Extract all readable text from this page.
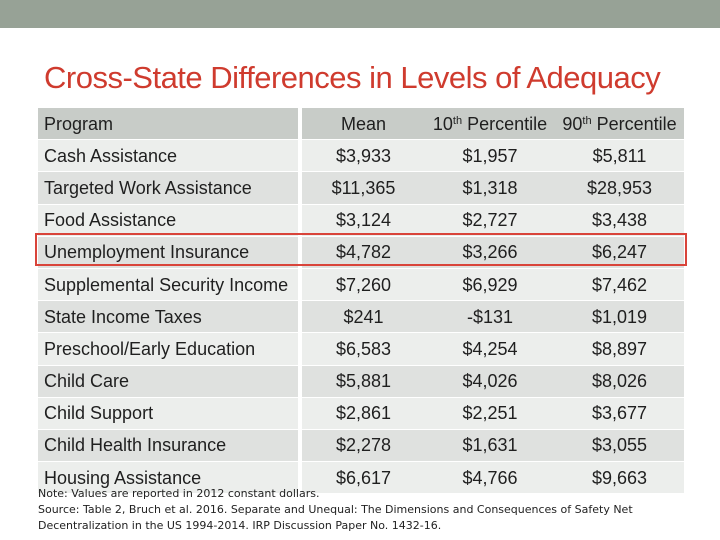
Cross-State Differences in Levels of Adequacy
Program		Mean	10th Percentile	90th Percentile
Cash Assistance		$3,933	$1,957	$5,811
Targeted Work Assistance		$11,365	$1,318	$28,953
Food Assistance		$3,124	$2,727	$3,438
Unemployment Insurance		$4,782	$3,266	$6,247
Supplemental Security Income		$7,260	$6,929	$7,462
State Income Taxes		$241	-$131	$1,019
Preschool/Early Education		$6,583	$4,254	$8,897
Child Care		$5,881	$4,026	$8,026
Child Support		$2,861	$2,251	$3,677
Child Health Insurance		$2,278	$1,631	$3,055
Housing Assistance		$6,617	$4,766	$9,663
Note: Values are reported in 2012 constant dollars.
Source: Table 2, Bruch et al. 2016. Separate and Unequal: The Dimensions and Consequences of Safety Net
Decentralization in the US 1994-2014. IRP Discussion Paper No. 1432-16.
